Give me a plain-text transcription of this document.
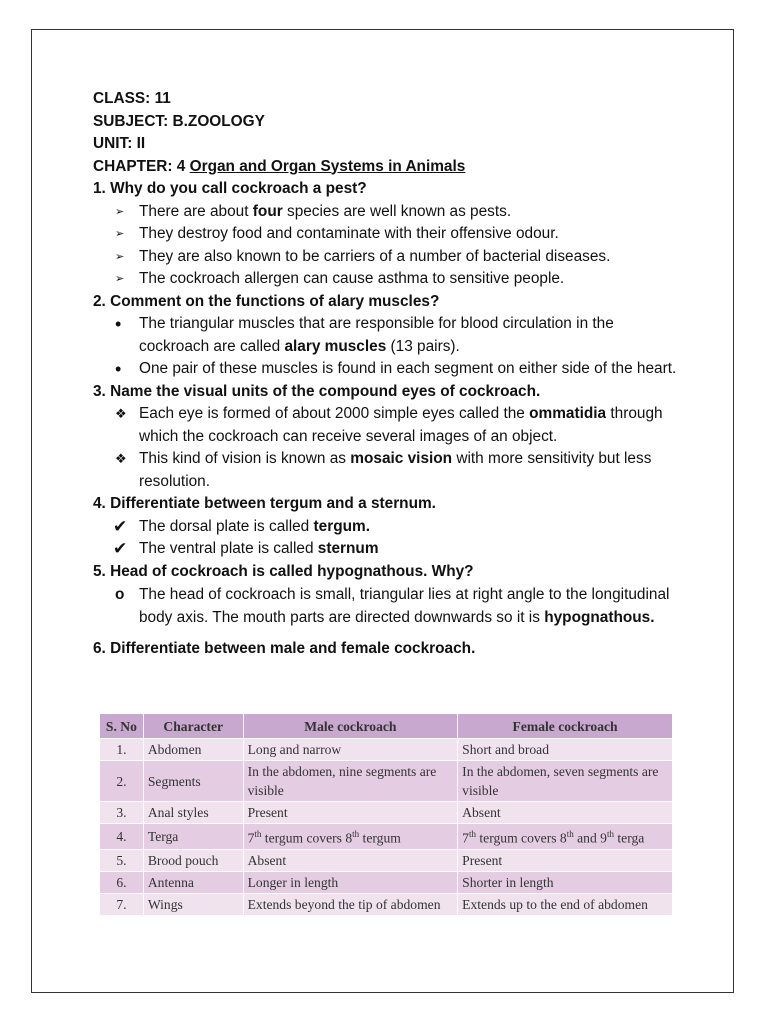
CLASS: 11
SUBJECT: B.ZOOLOGY
UNIT: II
CHAPTER: 4 Organ and Organ Systems in Animals
1. Why do you call cockroach a pest?
➢ There are about four species are well known as pests.
➢ They destroy food and contaminate with their offensive odour.
➢ They are also known to be carriers of a number of bacterial diseases.
➢ The cockroach allergen can cause asthma to sensitive people.
2. Comment on the functions of alary muscles?
•	The triangular muscles that are responsible for blood circulation in the cockroach are called alary muscles (13 pairs).
•	One pair of these muscles is found in each segment on either side of the heart.
3. Name the visual units of the compound eyes of cockroach.
❖ Each eye is formed of about 2000 simple eyes called the ommatidia through which the cockroach can receive several images of an object.
❖ This kind of vision is known as mosaic vision with more sensitivity but less resolution.
4. Differentiate between tergum and a sternum.
✔ The dorsal plate is called tergum.
✔ The ventral plate is called sternum
5. Head of cockroach is called hypognathous. Why?
o The head of cockroach is small, triangular lies at right angle to the longitudinal body axis. The mouth parts are directed downwards so it is hypognathous.
6. Differentiate between male and female cockroach.
S. No	Character	Male cockroach	Female cockroach
1.	Abdomen	Long and narrow	Short and broad
2.	Segments	In the abdomen, nine segments are visible	In the abdomen, seven segments are visible
3.	Anal styles	Present	Absent
4.	Terga	7th tergum covers 8th tergum	7th tergum covers 8th and 9th terga
5.	Brood pouch	Absent	Present
6.	Antenna	Longer in length	Shorter in length
7.	Wings	Extends beyond the tip of abdomen	Extends up to the end of abdomen
